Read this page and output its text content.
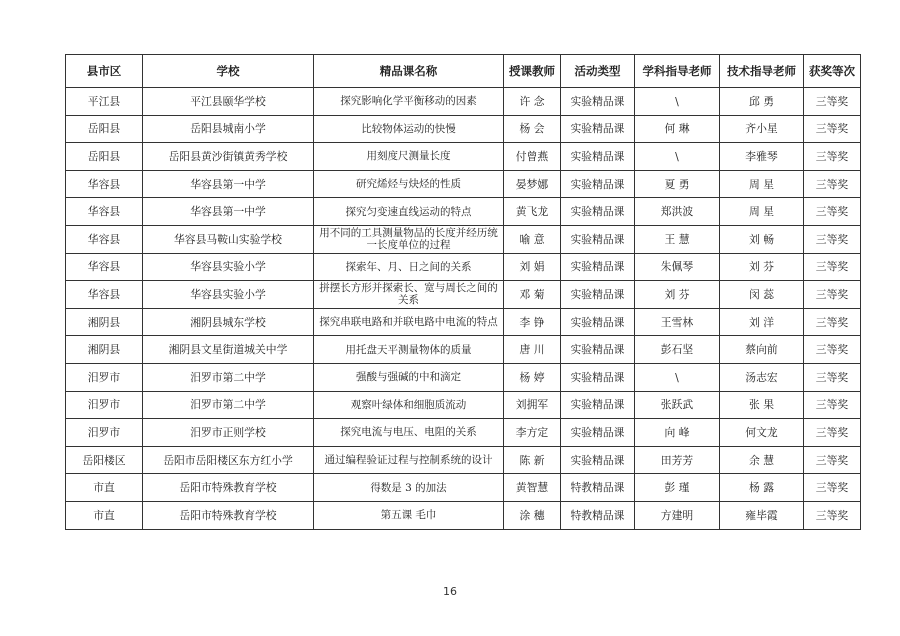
县市区	学校	精品课名称	授课教师	活动类型	学科指导老师	技术指导老师	获奖等次
平江县	平江县颐华学校	探究影响化学平衡移动的因素	许 念	实验精品课	\	邱 勇	三等奖
岳阳县	岳阳县城南小学	比较物体运动的快慢	杨 会	实验精品课	何 琳	齐小星	三等奖
岳阳县	岳阳县黄沙街镇黄秀学校	用刻度尺测量长度	付曾燕	实验精品课	\	李雅琴	三等奖
华容县	华容县第一中学	研究烯烃与炔烃的性质	晏梦娜	实验精品课	夏 勇	周 星	三等奖
华容县	华容县第一中学	探究匀变速直线运动的特点	黄飞龙	实验精品课	郑洪波	周 星	三等奖
华容县	华容县马鞍山实验学校	用不同的工具测量物品的长度并经历统一长度单位的过程	喻 意	实验精品课	王 慧	刘 畅	三等奖
华容县	华容县实验小学	探索年、月、日之间的关系	刘 娟	实验精品课	朱佩琴	刘 芬	三等奖
华容县	华容县实验小学	拼摆长方形并探索长、宽与周长之间的关系	邓 菊	实验精品课	刘 芬	闵 蕊	三等奖
湘阴县	湘阴县城东学校	探究串联电路和并联电路中电流的特点	李 铮	实验精品课	王雪林	刘 洋	三等奖
湘阴县	湘阴县文星街道城关中学	用托盘天平测量物体的质量	唐 川	实验精品课	彭石坚	蔡向前	三等奖
汨罗市	汨罗市第二中学	强酸与强碱的中和滴定	杨 婷	实验精品课	\	汤志宏	三等奖
汨罗市	汨罗市第二中学	观察叶绿体和细胞质流动	刘拥军	实验精品课	张跃武	张 果	三等奖
汨罗市	汨罗市正则学校	探究电流与电压、电阻的关系	李方定	实验精品课	向 峰	何文龙	三等奖
岳阳楼区	岳阳市岳阳楼区东方红小学	通过编程验证过程与控制系统的设计	陈 新	实验精品课	田芳芳	余 慧	三等奖
市直	岳阳市特殊教育学校	得数是 3 的加法	黄智慧	特教精品课	彭 瑾	杨 露	三等奖
市直	岳阳市特殊教育学校	第五课 毛巾	涂 穗	特教精品课	方建明	雍毕霞	三等奖
16
